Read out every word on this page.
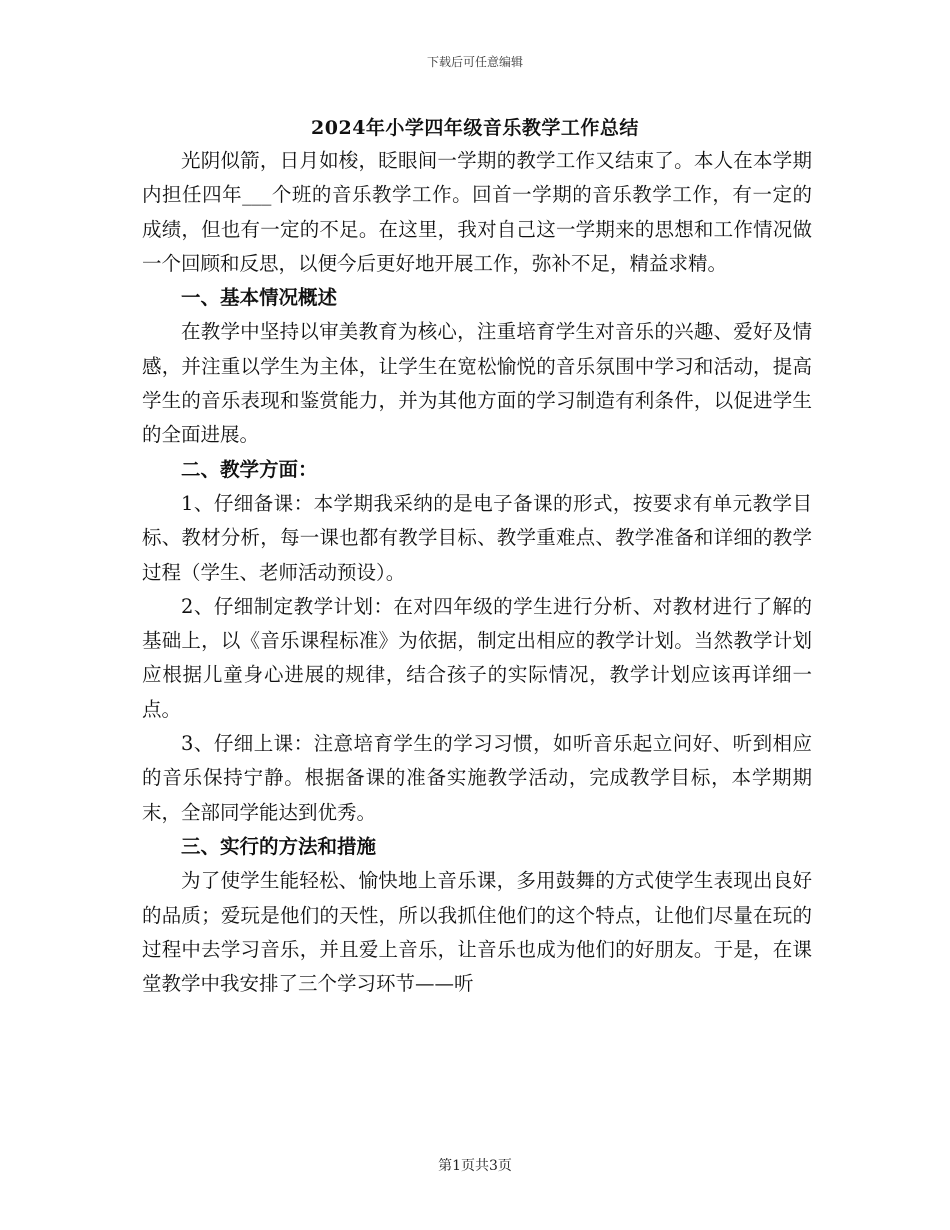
下载后可任意编辑
2024年小学四年级音乐教学工作总结

光阴似箭，日月如梭，眨眼间一学期的教学工作又结束了。本人在本学期内担任四年___个班的音乐教学工作。回首一学期的音乐教学工作，有一定的成绩，但也有一定的不足。在这里，我对自己这一学期来的思想和工作情况做一个回顾和反思，以便今后更好地开展工作，弥补不足，精益求精。

一、基本情况概述

在教学中坚持以审美教育为核心，注重培育学生对音乐的兴趣、爱好及情感，并注重以学生为主体，让学生在宽松愉悦的音乐氛围中学习和活动，提高学生的音乐表现和鉴赏能力，并为其他方面的学习制造有利条件，以促进学生的全面进展。

二、教学方面：

1、仔细备课：本学期我采纳的是电子备课的形式，按要求有单元教学目标、教材分析，每一课也都有教学目标、教学重难点、教学准备和详细的教学过程（学生、老师活动预设）。

2、仔细制定教学计划：在对四年级的学生进行分析、对教材进行了解的基础上，以《音乐课程标准》为依据，制定出相应的教学计划。当然教学计划应根据儿童身心进展的规律，结合孩子的实际情况，教学计划应该再详细一点。

3、仔细上课：注意培育学生的学习习惯，如听音乐起立问好、听到相应的音乐保持宁静。根据备课的准备实施教学活动，完成教学目标，本学期期末，全部同学能达到优秀。

三、实行的方法和措施

为了使学生能轻松、愉快地上音乐课，多用鼓舞的方式使学生表现出良好的品质；爱玩是他们的天性，所以我抓住他们的这个特点，让他们尽量在玩的过程中去学习音乐，并且爱上音乐，让音乐也成为他们的好朋友。于是，在课堂教学中我安排了三个学习环节——听

第1页共3页
